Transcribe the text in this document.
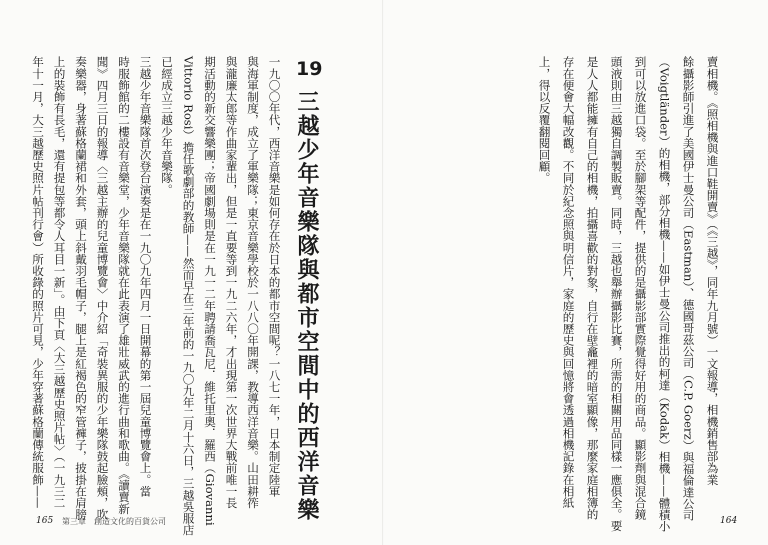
一九〇〇年代，西洋音樂是如何存在於日本的都市空間呢？一八七一年，日本制定陸軍
與海軍制度，成立了軍樂隊；東京音樂學校於一八八〇年開課，教導西洋音樂。山田耕筰
與瀧廉太郎等作曲家輩出，但是一直要等到一九二六年，才出現第一次世界大戰前唯一長
期活動的新交響樂團；帝國劇場則是在一九一二年聘請喬瓦尼．維托里奧．羅西（Giovanni
Vittorio Rosi）擔任歌劇部的教師——然而早在三年前的一九〇九年二月十六日，三越吳服店
已經成立三越少年音樂隊。
三越少年音樂隊首次登台演奏是在一九〇九年四月一日開幕的第一屆兒童博覽會上。當
時服飾館的二樓設有音樂堂，少年音樂隊就在此表演了雄壯威武的進行曲和歌曲。《讀賣新
聞》四月三日的報導〈三越主辦的兒童博覽會〉中介紹「奇裝異服的少年樂隊鼓起臉頰，吹
奏樂器，身著蘇格蘭裙和外套，頭上斜戴羽毛帽子，腿上是紅褐色的窄管褲子，披掛在肩膀
上的裝飾有長毛，還有提包等都令人耳目一新」。由下頁〈大三越歷史照片帖〉（一九三二
年十一月，大三越歷史照片帖刊行會）所收錄的照片可見，少年穿著蘇格蘭傳統服飾——	19
三越少年音樂隊與都市空間中的西洋音樂
165 第三章　創造文化的百貨公司
賣相機。《照相機與進口鞋開賣》（《三越》，同年九月號）一文報導，相機銷售部為業
餘攝影師引進了美國伊士曼公司（Eastman）、德國哥茲公司（C.P. Goerz）與福倫達公司
（Voigtländer）的相機，部分相機——如伊士曼公司推出的柯達（Kodak）相機——體積小
到可以放進口袋。至於腳架等配件，提供的是攝影部實際覺得好用的商品。顯影劑與混合鏡
頭液則由三越獨自調製販賣。同時，三越也舉辦攝影比賽，所需的相關用品同樣一應俱全。要
是人人都能擁有自己的相機，拍攝喜歡的對象，自行在壁龕裡的暗室顯像，那麼家庭相簿的
存在便會大幅改觀。不同於紀念照與明信片，家庭的歷史與回憶將會透過相機記錄在相紙
上，得以反覆翻閱回顧。
164
